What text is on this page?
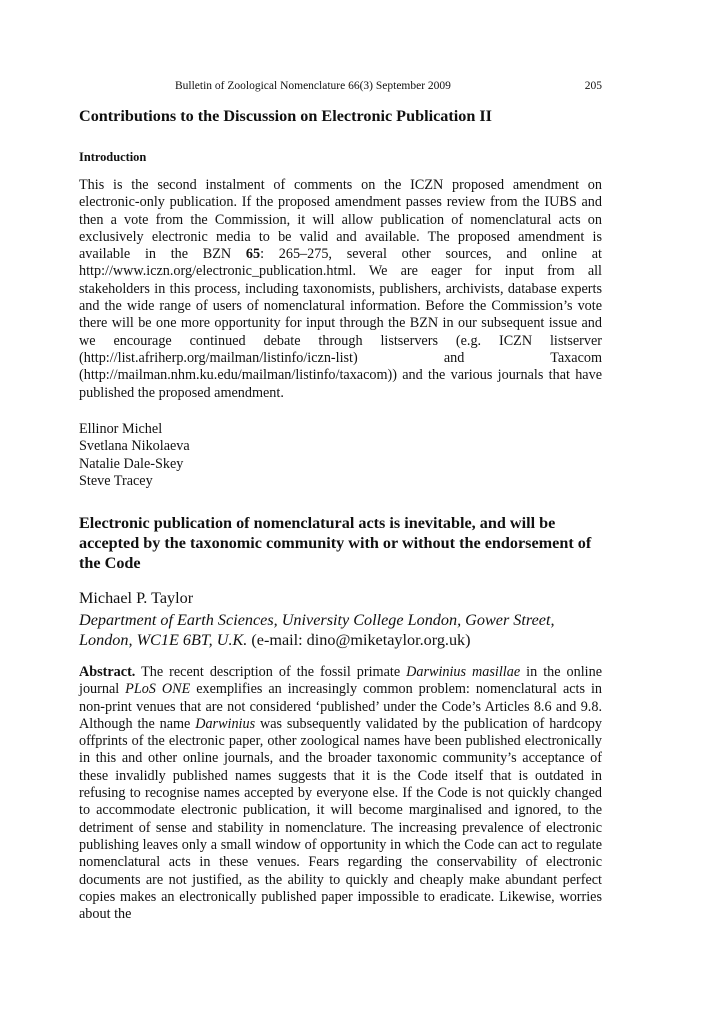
Bulletin of Zoological Nomenclature 66(3) September 2009	205
Contributions to the Discussion on Electronic Publication II
Introduction

This is the second instalment of comments on the ICZN proposed amendment on electronic-only publication. If the proposed amendment passes review from the IUBS and then a vote from the Commission, it will allow publication of nomenclatural acts on exclusively electronic media to be valid and available. The proposed amendment is available in the BZN 65: 265–275, several other sources, and online at http://www.iczn.org/electronic_publication.html. We are eager for input from all stakeholders in this process, including taxonomists, publishers, archivists, database experts and the wide range of users of nomenclatural information. Before the Commission’s vote there will be one more opportunity for input through the BZN in our subsequent issue and we encourage continued debate through listservers (e.g. ICZN listserver (http://list.afriherp.org/mailman/listinfo/iczn-list) and Taxacom (http://mailman.nhm.ku.edu/mailman/listinfo/taxacom)) and the various journals that have published the proposed amendment.

Ellinor Michel
Svetlana Nikolaeva
Natalie Dale-Skey
Steve Tracey
Electronic publication of nomenclatural acts is inevitable, and will be accepted by the taxonomic community with or without the endorsement of the Code
Michael P. Taylor
Department of Earth Sciences, University College London, Gower Street, London, WC1E 6BT, U.K. (e-mail: dino@miketaylor.org.uk)

Abstract. The recent description of the fossil primate Darwinius masillae in the online journal PLoS ONE exemplifies an increasingly common problem: nomenclatural acts in non-print venues that are not considered ‘published’ under the Code’s Articles 8.6 and 9.8. Although the name Darwinius was subsequently validated by the publication of hardcopy offprints of the electronic paper, other zoological names have been published electronically in this and other online journals, and the broader taxonomic community’s acceptance of these invalidly published names suggests that it is the Code itself that is outdated in refusing to recognise names accepted by everyone else. If the Code is not quickly changed to accommodate electronic publication, it will become marginalised and ignored, to the detriment of sense and stability in nomenclature. The increasing prevalence of electronic publishing leaves only a small window of opportunity in which the Code can act to regulate nomenclatural acts in these venues. Fears regarding the conservability of electronic documents are not justified, as the ability to quickly and cheaply make abundant perfect copies makes an electronically published paper impossible to eradicate. Likewise, worries about the
